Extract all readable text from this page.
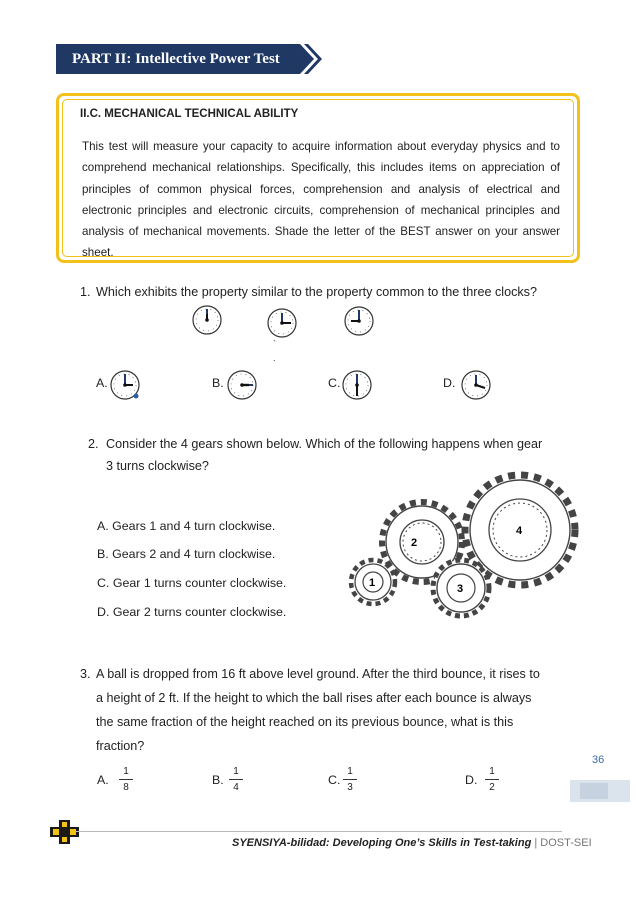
PART II: Intellective Power Test
II.C. MECHANICAL TECHNICAL ABILITY
This test will measure your capacity to acquire information about everyday physics and to comprehend mechanical relationships. Specifically, this includes items on appreciation of principles of common physical forces, comprehension and analysis of electrical and electronic principles and electronic circuits, comprehension of mechanical principles and analysis of mechanical movements. Shade the letter of the BEST answer on your answer sheet.
1. Which exhibits the property similar to the property common to the three clocks?
`
.
A.	B.	C.	D.
2. Consider the 4 gears shown below. Which of the following happens when gear
3 turns clockwise?
A. Gears 1 and 4 turn clockwise.
B. Gears 2 and 4 turn clockwise.
C. Gear 1 turns counter clockwise.
D. Gear 2 turns counter clockwise.
1
2
3
4
3. A ball is dropped from 16 ft above level ground. After the third bounce, it rises to
a height of 2 ft. If the height to which the ball rises after each bounce is always
the same fraction of the height reached on its previous bounce, what is this
fraction?
A. $\frac{1}{8}$	B. $\frac{1}{4}$	C. $\frac{1}{3}$	D. $\frac{1}{2}$
36
SYENSIYA-bilidad: Developing One’s Skills in Test-taking | DOST-SEI
